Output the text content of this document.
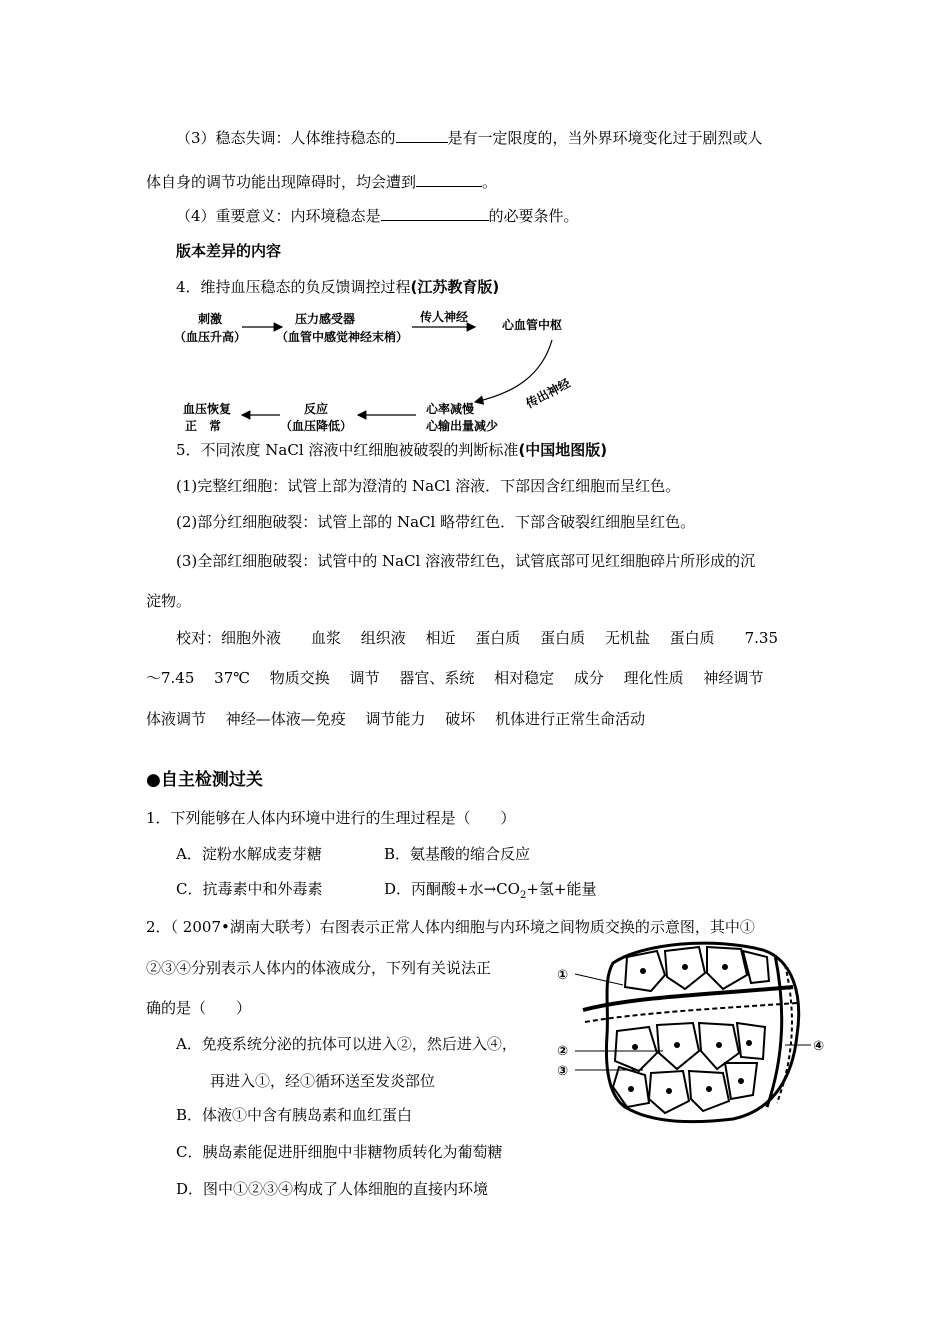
（3）稳态失调：人体维持稳态的	是有一定限度的，当外界环境变化过于剧烈或人
体自身的调节功能出现障碍时，均会遭到	。
（4）重要意义：内环境稳态是	的必要条件。
版本差异的内容
4．维持血压稳态的负反馈调控过程(江苏教育版)
刺激
（血压升高）
压力感受器
（血管中感觉神经末梢）
传人神经
心血管中枢
传出神经
心率减慢
心输出量减少
反应
（血压降低）
血压恢复
正　常
5．不同浓度 NaCl 溶液中红细胞被破裂的判断标准(中国地图版)
(1)完整红细胞：试管上部为澄清的 NaCl 溶液．下部因含红细胞而呈红色。
(2)部分红细胞破裂：试管上部的 NaCl 略带红色．下部含破裂红细胞呈红色。
(3)全部红细胞破裂：试管中的 NaCl 溶液带红色，试管底部可见红细胞碎片所形成的沉
淀物。
校对：细胞外液　　血浆　 组织液　 相近　 蛋白质　 蛋白质　 无机盐　 蛋白质　　7.35
～7.45　 37℃　 物质交换　 调节　 器官、系统　 相对稳定　 成分　 理化性质　 神经调节
体液调节　 神经—体液—免疫　 调节能力　 破坏　 机体进行正常生命活动
●自主检测过关
1．下列能够在人体内环境中进行的生理过程是（　　）
A．淀粉水解成麦芽糖	B．氨基酸的缩合反应
C．抗毒素中和外毒素	D．丙酮酸+水$\to CO_2+$氢+能量
2．（ 2007•湖南大联考）右图表示正常人体内细胞与内环境之间物质交换的示意图，其中①
②③④分别表示人体内的体液成分，下列有关说法正
确的是（　　）
A．免疫系统分泌的抗体可以进入②，然后进入④，
再进入①，经①循环送至发炎部位
B．体液①中含有胰岛素和血红蛋白
C．胰岛素能促进肝细胞中非糖物质转化为葡萄糖
D．图中①②③④构成了人体细胞的直接内环境
①
②
③
④
